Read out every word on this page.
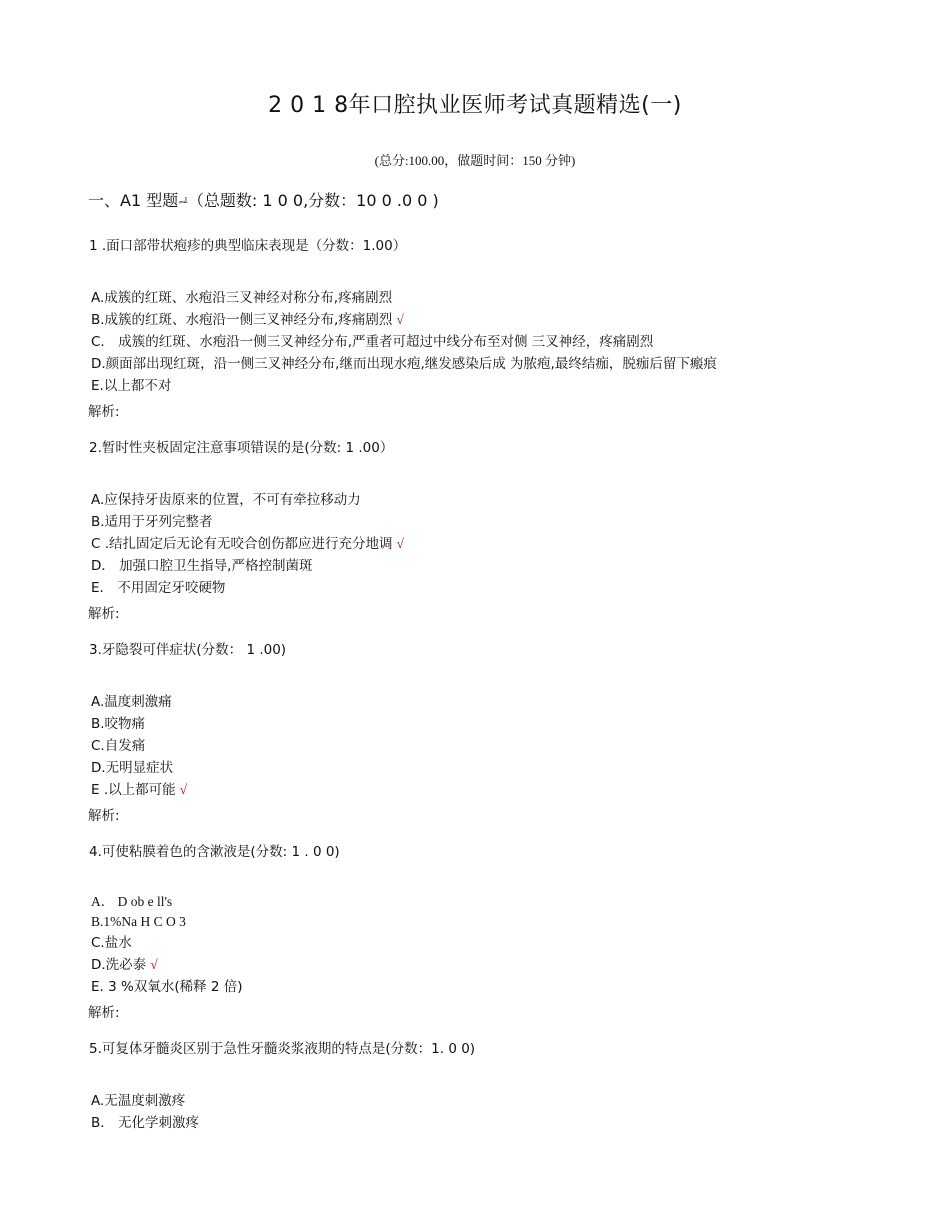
2 0 1 8年口腔执业医师考试真题精选(一)
(总分:100.00，做题时间：150 分钟)
一、A1 型题ᆋ（总题数: 1 0 0,分数：10 0 .0 0 )
1 .面口部带状疱疹的典型临床表现是（分数：1.00）
A.成簇的红斑、水疱沿三叉神经对称分布,疼痛剧烈
B.成簇的红斑、水疱沿一侧三叉神经分布,疼痛剧烈 √
C． 成簇的红斑、水疱沿一侧三叉神经分布,严重者可超过中线分布至对侧 三叉神经，疼痛剧烈
D.颜面部出现红斑，沿一侧三叉神经分布,继而出现水疱,继发感染后成 为脓疱,最终结痂，脱痂后留下瘢痕
E.以上都不对
解析:
2.暂时性夹板固定注意事项错误的是(分数: 1 .00）
A.应保持牙齿原来的位置，不可有牵拉移动力
B.适用于牙列完整者
C .结扎固定后无论有无咬合创伤都应进行充分地调 √
D． 加强口腔卫生指导,严格控制菌斑
E． 不用固定牙咬硬物
解析:
3.牙隐裂可伴症状(分数： 1 .00)
A.温度刺激痛
B.咬物痛
C.自发痛
D.无明显症状
E .以上都可能 √
解析:
4.可使粘膜着色的含漱液是(分数: 1 . 0 0)
A． D ob e ll's
B.1%Na H C O 3
C.盐水
D.洗必泰 √
E. 3 %双氧水(稀释 2 倍)
解析:
5.可复体牙髓炎区别于急性牙髓炎浆液期的特点是(分数：1. 0 0)
A.无温度刺激疼
B． 无化学刺激疼
